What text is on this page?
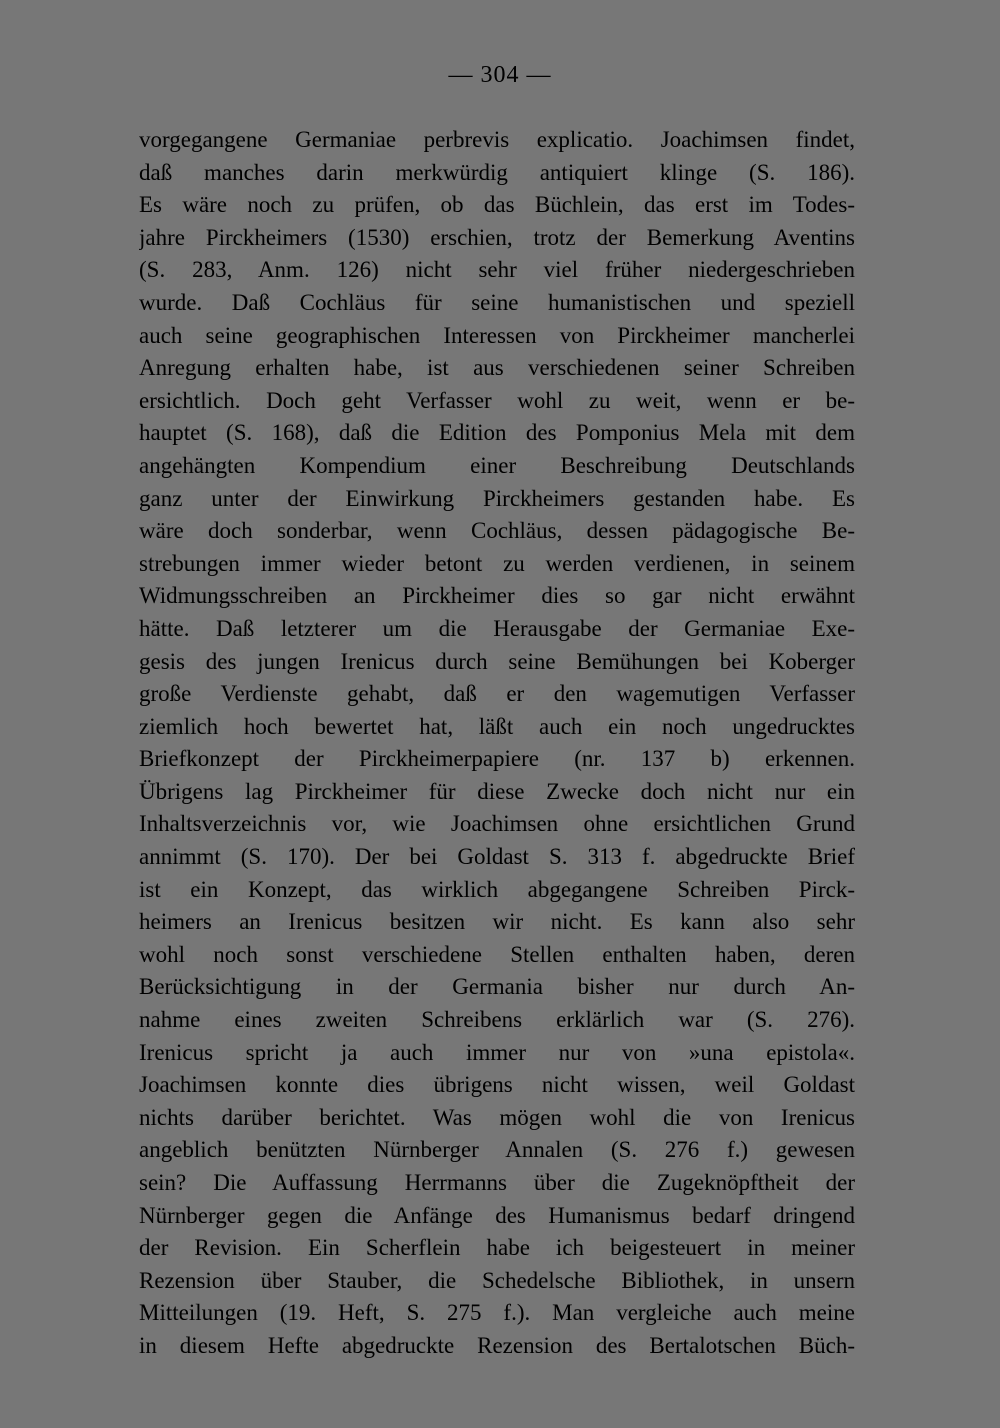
— 304 —
vorgegangene Germaniae perbrevis explicatio. Joachimsen findet,
daß manches darin merkwürdig antiquiert klinge (S. 186).
Es wäre noch zu prüfen, ob das Büchlein, das erst im Todes-
jahre Pirckheimers (1530) erschien, trotz der Bemerkung Aventins
(S. 283, Anm. 126) nicht sehr viel früher niedergeschrieben
wurde. Daß Cochläus für seine humanistischen und speziell
auch seine geographischen Interessen von Pirckheimer mancherlei
Anregung erhalten habe, ist aus verschiedenen seiner Schreiben
ersichtlich. Doch geht Verfasser wohl zu weit, wenn er be-
hauptet (S. 168), daß die Edition des Pomponius Mela mit dem
angehängten Kompendium einer Beschreibung Deutschlands
ganz unter der Einwirkung Pirckheimers gestanden habe. Es
wäre doch sonderbar, wenn Cochläus, dessen pädagogische Be-
strebungen immer wieder betont zu werden verdienen, in seinem
Widmungsschreiben an Pirckheimer dies so gar nicht erwähnt
hätte. Daß letzterer um die Herausgabe der Germaniae Exe-
gesis des jungen Irenicus durch seine Bemühungen bei Koberger
große Verdienste gehabt, daß er den wagemutigen Verfasser
ziemlich hoch bewertet hat, läßt auch ein noch ungedrucktes
Briefkonzept der Pirckheimerpapiere (nr. 137 b) erkennen.
Übrigens lag Pirckheimer für diese Zwecke doch nicht nur ein
Inhaltsverzeichnis vor, wie Joachimsen ohne ersichtlichen Grund
annimmt (S. 170). Der bei Goldast S. 313 f. abgedruckte Brief
ist ein Konzept, das wirklich abgegangene Schreiben Pirck-
heimers an Irenicus besitzen wir nicht. Es kann also sehr
wohl noch sonst verschiedene Stellen enthalten haben, deren
Berücksichtigung in der Germania bisher nur durch An-
nahme eines zweiten Schreibens erklärlich war (S. 276).
Irenicus spricht ja auch immer nur von »una epistola«.
Joachimsen konnte dies übrigens nicht wissen, weil Goldast
nichts darüber berichtet. Was mögen wohl die von Irenicus
angeblich benützten Nürnberger Annalen (S. 276 f.) gewesen
sein? Die Auffassung Herrmanns über die Zugeknöpftheit der
Nürnberger gegen die Anfänge des Humanismus bedarf dringend
der Revision. Ein Scherflein habe ich beigesteuert in meiner
Rezension über Stauber, die Schedelsche Bibliothek, in unsern
Mitteilungen (19. Heft, S. 275 f.). Man vergleiche auch meine
in diesem Hefte abgedruckte Rezension des Bertalotschen Büch-
